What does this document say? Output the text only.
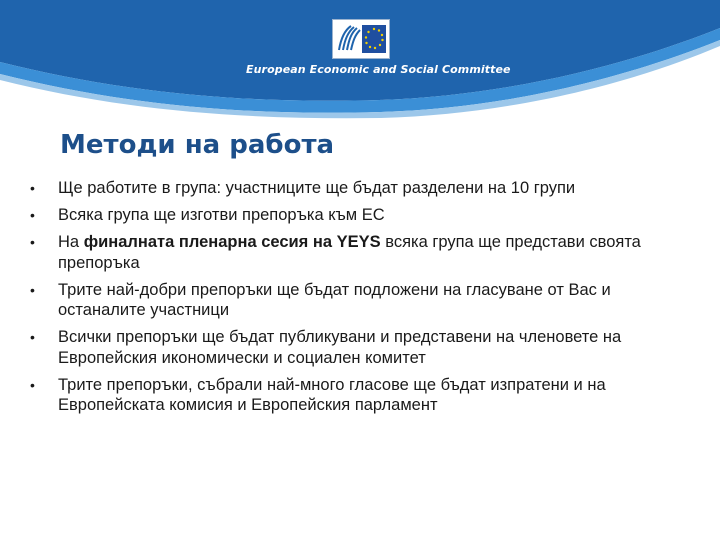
European Economic and Social Committee
Методи на работа
• Ще работите в група: участниците ще бъдат разделени на 10 групи
• Всяка група ще изготви препоръка към ЕС
• На финалната пленарна сесия на YEYS всяка група ще представи своята препоръка
• Трите най-добри препоръки ще бъдат подложени на гласуване от Вас и останалите участници
• Всички препоръки ще бъдат публикувани и представени на членовете на Европейския икономически и социален комитет
• Трите препоръки, събрали най-много гласове ще бъдат изпратени и на Европейската комисия и Европейския парламент
